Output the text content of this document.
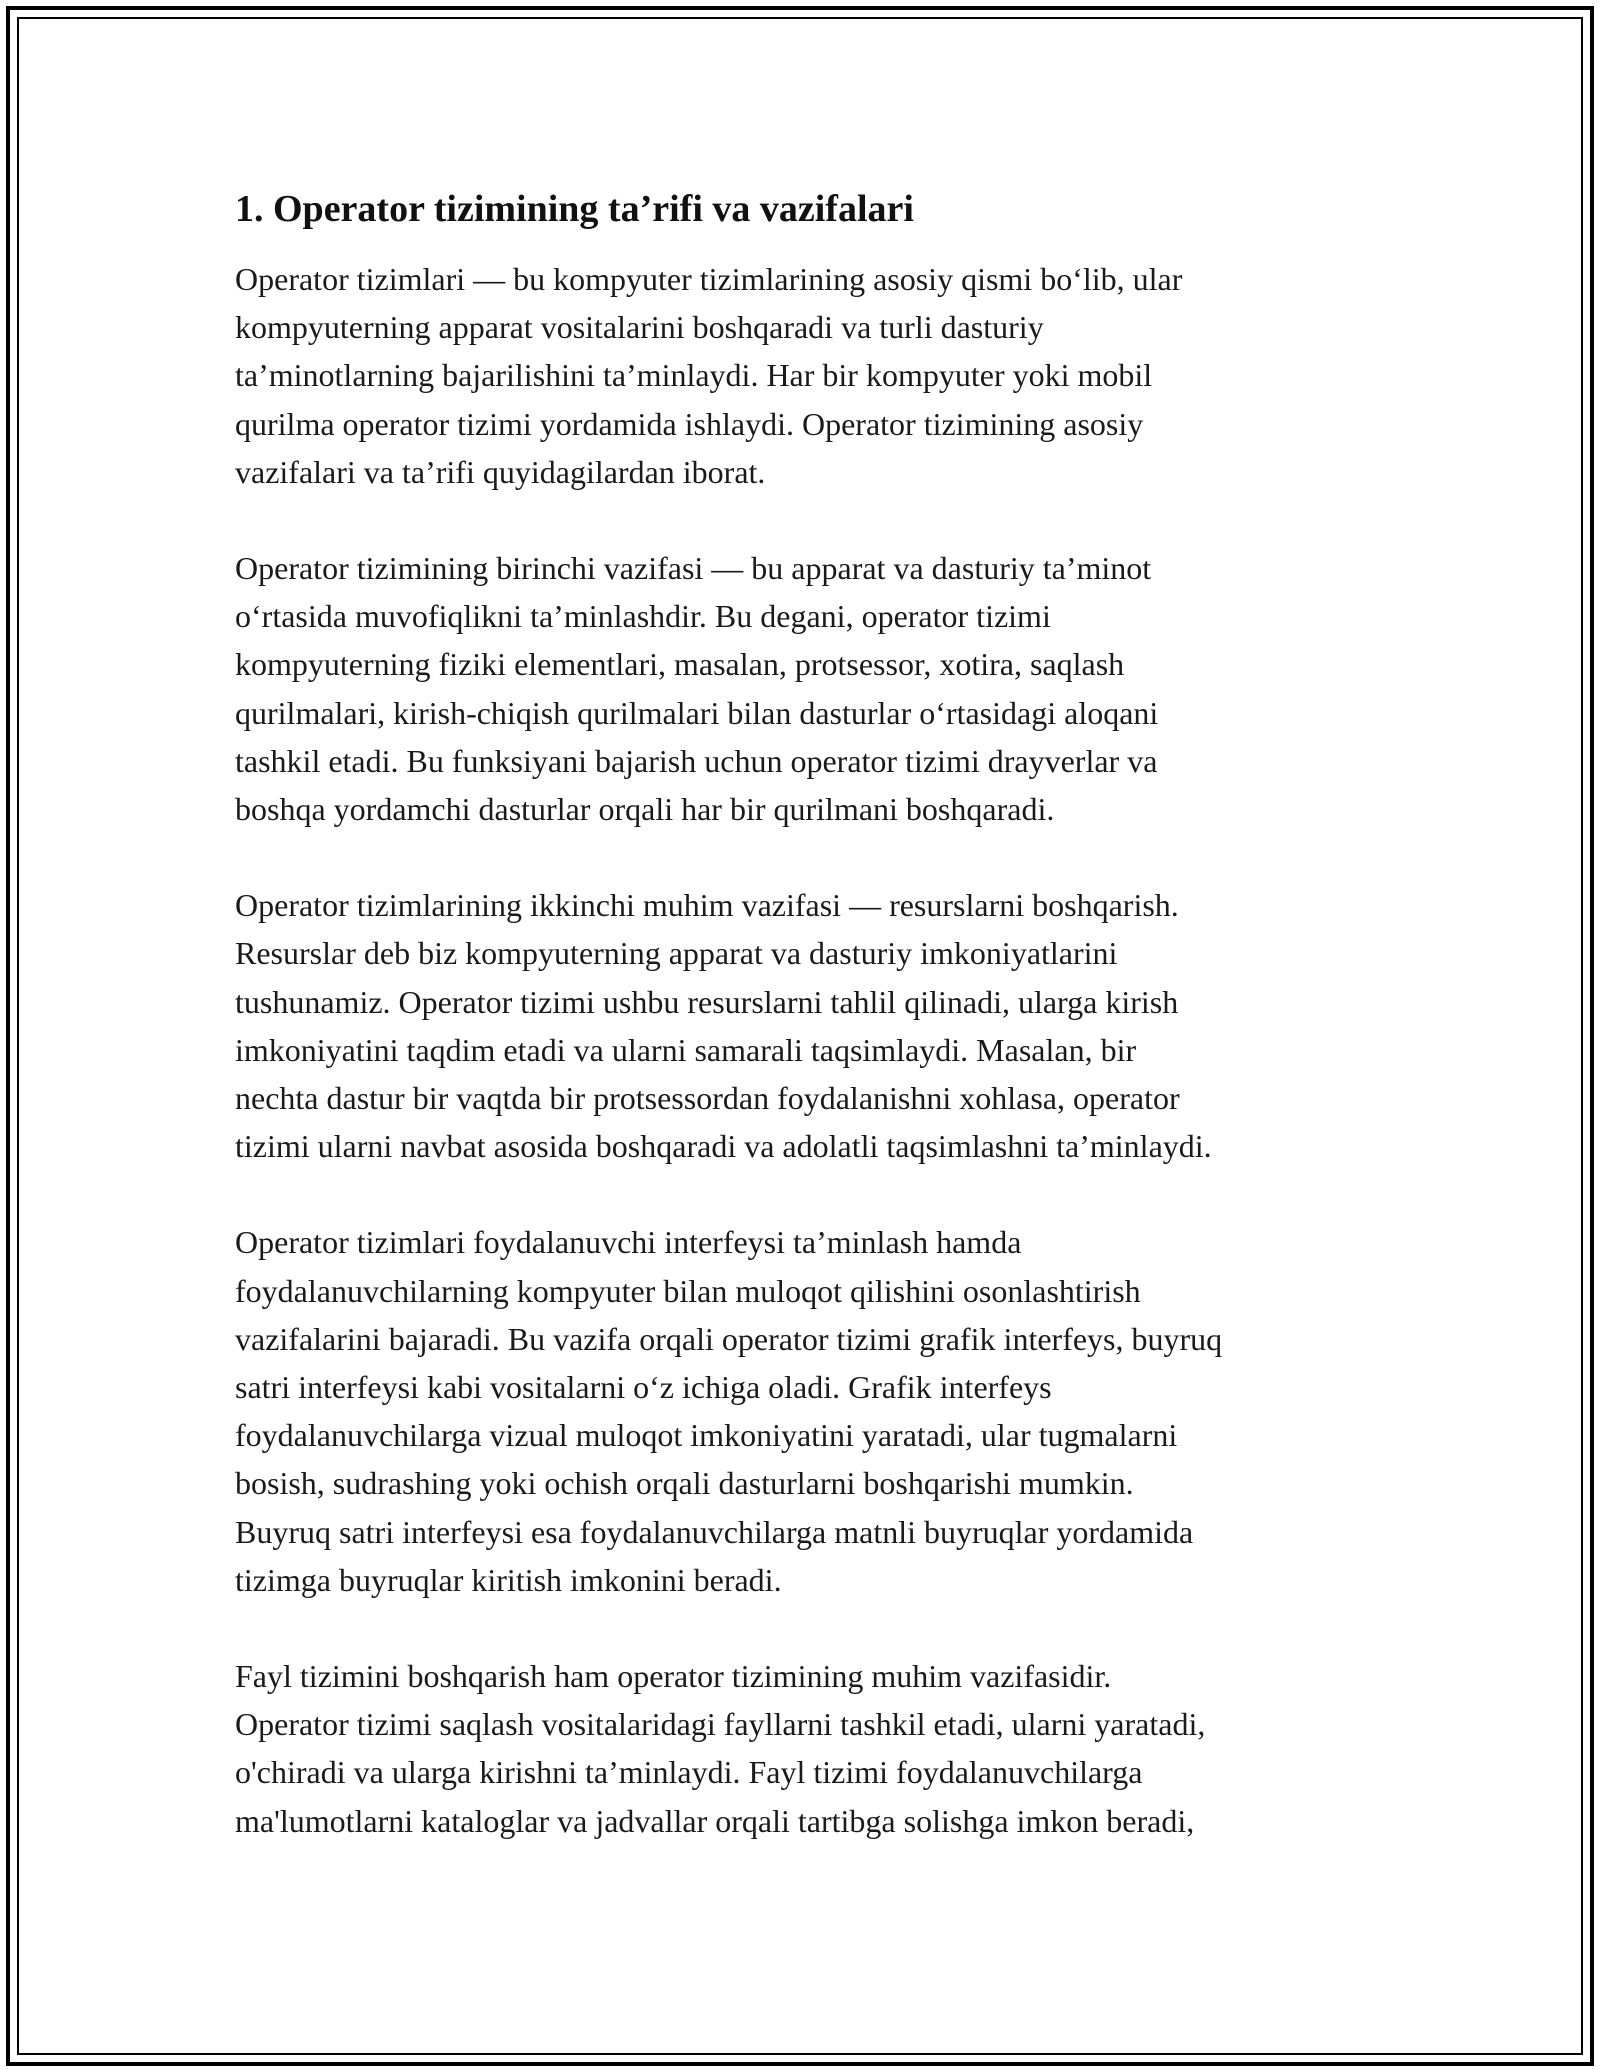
1. Operator tizimining ta’rifi va vazifalari
Operator tizimlari — bu kompyuter tizimlarining asosiy qismi bo‘lib, ular
kompyuterning apparat vositalarini boshqaradi va turli dasturiy
ta’minotlarning bajarilishini ta’minlaydi. Har bir kompyuter yoki mobil
qurilma operator tizimi yordamida ishlaydi. Operator tizimining asosiy
vazifalari va ta’rifi quyidagilardan iborat.
Operator tizimining birinchi vazifasi — bu apparat va dasturiy ta’minot
o‘rtasida muvofiqlikni ta’minlashdir. Bu degani, operator tizimi
kompyuterning fiziki elementlari, masalan, protsessor, xotira, saqlash
qurilmalari, kirish-chiqish qurilmalari bilan dasturlar o‘rtasidagi aloqani
tashkil etadi. Bu funksiyani bajarish uchun operator tizimi drayverlar va
boshqa yordamchi dasturlar orqali har bir qurilmani boshqaradi.
Operator tizimlarining ikkinchi muhim vazifasi — resurslarni boshqarish.
Resurslar deb biz kompyuterning apparat va dasturiy imkoniyatlarini
tushunamiz. Operator tizimi ushbu resurslarni tahlil qilinadi, ularga kirish
imkoniyatini taqdim etadi va ularni samarali taqsimlaydi. Masalan, bir
nechta dastur bir vaqtda bir protsessordan foydalanishni xohlasa, operator
tizimi ularni navbat asosida boshqaradi va adolatli taqsimlashni ta’minlaydi.
Operator tizimlari foydalanuvchi interfeysi ta’minlash hamda
foydalanuvchilarning kompyuter bilan muloqot qilishini osonlashtirish
vazifalarini bajaradi. Bu vazifa orqali operator tizimi grafik interfeys, buyruq
satri interfeysi kabi vositalarni o‘z ichiga oladi. Grafik interfeys
foydalanuvchilarga vizual muloqot imkoniyatini yaratadi, ular tugmalarni
bosish, sudrashing yoki ochish orqali dasturlarni boshqarishi mumkin.
Buyruq satri interfeysi esa foydalanuvchilarga matnli buyruqlar yordamida
tizimga buyruqlar kiritish imkonini beradi.
Fayl tizimini boshqarish ham operator tizimining muhim vazifasidir.
Operator tizimi saqlash vositalaridagi fayllarni tashkil etadi, ularni yaratadi,
o'chiradi va ularga kirishni ta’minlaydi. Fayl tizimi foydalanuvchilarga
ma'lumotlarni kataloglar va jadvallar orqali tartibga solishga imkon beradi,
